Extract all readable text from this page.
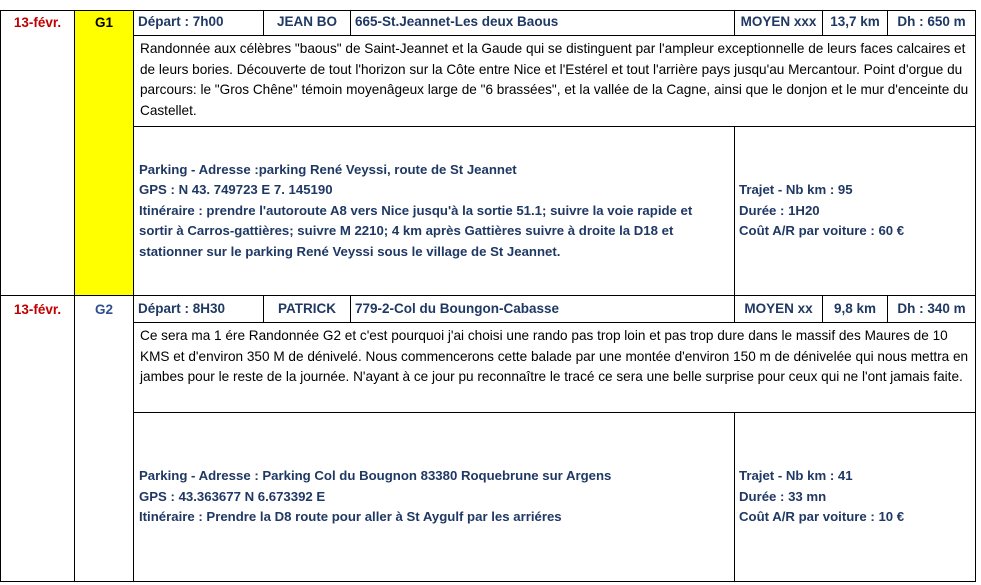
13-févr.	G1	Départ : 7h00	JEAN BO	665-St.Jeannet-Les deux Baous	MOYEN xxx	13,7 km	Dh : 650 m
Randonnée aux célèbres "baous" de Saint-Jeannet et la Gaude qui se distinguent par l'ampleur exceptionnelle de leurs faces calcaires et de leurs bories. Découverte de tout l'horizon sur la Côte entre Nice et l'Estérel et tout l'arrière pays jusqu'au Mercantour. Point d'orgue du parcours: le "Gros Chêne" témoin moyenâgeux large de "6 brassées", et la vallée de la Cagne, ainsi que le donjon et le mur d'enceinte du Castellet.
Parking - Adresse :parking René Veyssi, route de St Jeannet
GPS : N 43. 749723 E 7. 145190
Itinéraire : prendre l'autoroute A8 vers Nice jusqu'à la sortie 51.1; suivre la voie rapide et sortir à Carros-gattières; suivre M 2210; 4 km après Gattières suivre à droite la D18 et stationner sur le parking René Veyssi sous le village de St Jeannet.
Trajet - Nb km : 95
Durée : 1H20
Coût A/R par voiture : 60 €
13-févr.	G2	Départ : 8H30	PATRICK	779-2-Col du Boungon-Cabasse	MOYEN xx	9,8 km	Dh : 340 m
Ce sera ma 1 ére Randonnée G2 et c'est pourquoi j'ai choisi une rando pas trop loin et pas trop dure dans le massif des Maures de 10 KMS et d'environ 350 M de dénivelé. Nous commencerons cette balade par une montée d'environ 150 m de dénivelée qui nous mettra en jambes pour le reste de la journée. N'ayant à ce jour pu reconnaître le tracé ce sera une belle surprise pour ceux qui ne l'ont jamais faite.
Parking - Adresse : Parking Col du Bougnon 83380 Roquebrune sur Argens
GPS : 43.363677 N 6.673392 E
Itinéraire : Prendre la D8 route pour aller à St Aygulf par les arriéres
Trajet - Nb km : 41
Durée : 33 mn
Coût A/R par voiture : 10 €
